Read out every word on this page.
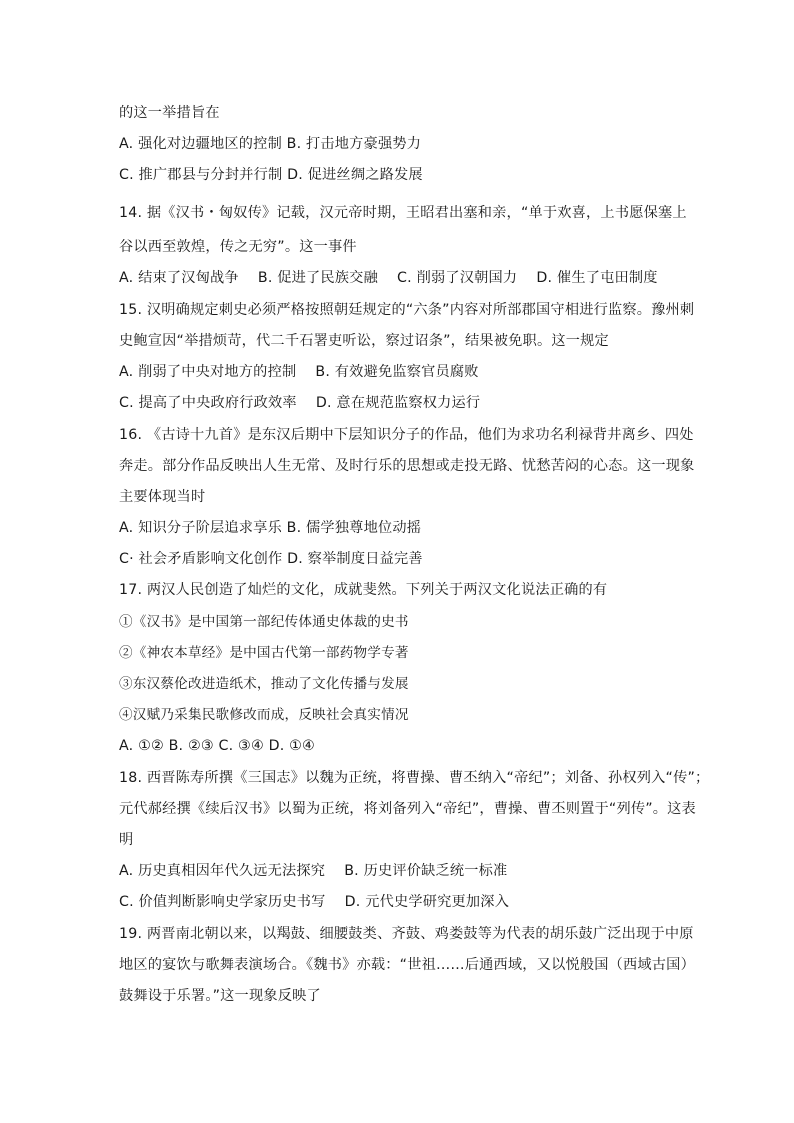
的这一举措旨在
A. 强化对边疆地区的控制 B. 打击地方豪强势力
C. 推广郡县与分封并行制 D. 促进丝绸之路发展
14. 据《汉书・匈奴传》记载，汉元帝时期，王昭君出塞和亲，“单于欢喜，上书愿保塞上
谷以西至敦煌，传之无穷”。这一事件
A. 结束了汉匈战争　 B. 促进了民族交融　 C. 削弱了汉朝国力　 D. 催生了屯田制度
15. 汉明确规定刺史必须严格按照朝廷规定的“六条”内容对所部郡国守相进行监察。豫州刺
史鲍宣因“举措烦苛，代二千石署吏听讼，察过诏条”，结果被免职。这一规定
A. 削弱了中央对地方的控制　 B. 有效避免监察官员腐败
C. 提高了中央政府行政效率　 D. 意在规范监察权力运行
16. 《古诗十九首》是东汉后期中下层知识分子的作品，他们为求功名利禄背井离乡、四处
奔走。部分作品反映出人生无常、及时行乐的思想或走投无路、忧愁苦闷的心态。这一现象
主要体现当时
A. 知识分子阶层追求享乐 B. 儒学独尊地位动摇
C· 社会矛盾影响文化创作 D. 察举制度日益完善
17. 两汉人民创造了灿烂的文化，成就斐然。下列关于两汉文化说法正确的有
①《汉书》是中国第一部纪传体通史体裁的史书
②《神农本草经》是中国古代第一部药物学专著
③东汉蔡伦改进造纸术，推动了文化传播与发展
④汉赋乃采集民歌修改而成，反映社会真实情况
A. ①② B. ②③ C. ③④ D. ①④
18. 西晋陈寿所撰《三国志》以魏为正统，将曹操、曹丕纳入“帝纪”；刘备、孙权列入“传”；
元代郝经撰《续后汉书》以蜀为正统，将刘备列入“帝纪”，曹操、曹丕则置于“列传”。这表
明
A. 历史真相因年代久远无法探究　 B. 历史评价缺乏统一标准
C. 价值判断影响史学家历史书写　 D. 元代史学研究更加深入
19. 两晋南北朝以来，以羯鼓、细腰鼓类、齐鼓、鸡娄鼓等为代表的胡乐鼓广泛出现于中原
地区的宴饮与歌舞表演场合。《魏书》亦载：“世祖……后通西域，又以悦般国（西域古国）
鼓舞设于乐署。”这一现象反映了
